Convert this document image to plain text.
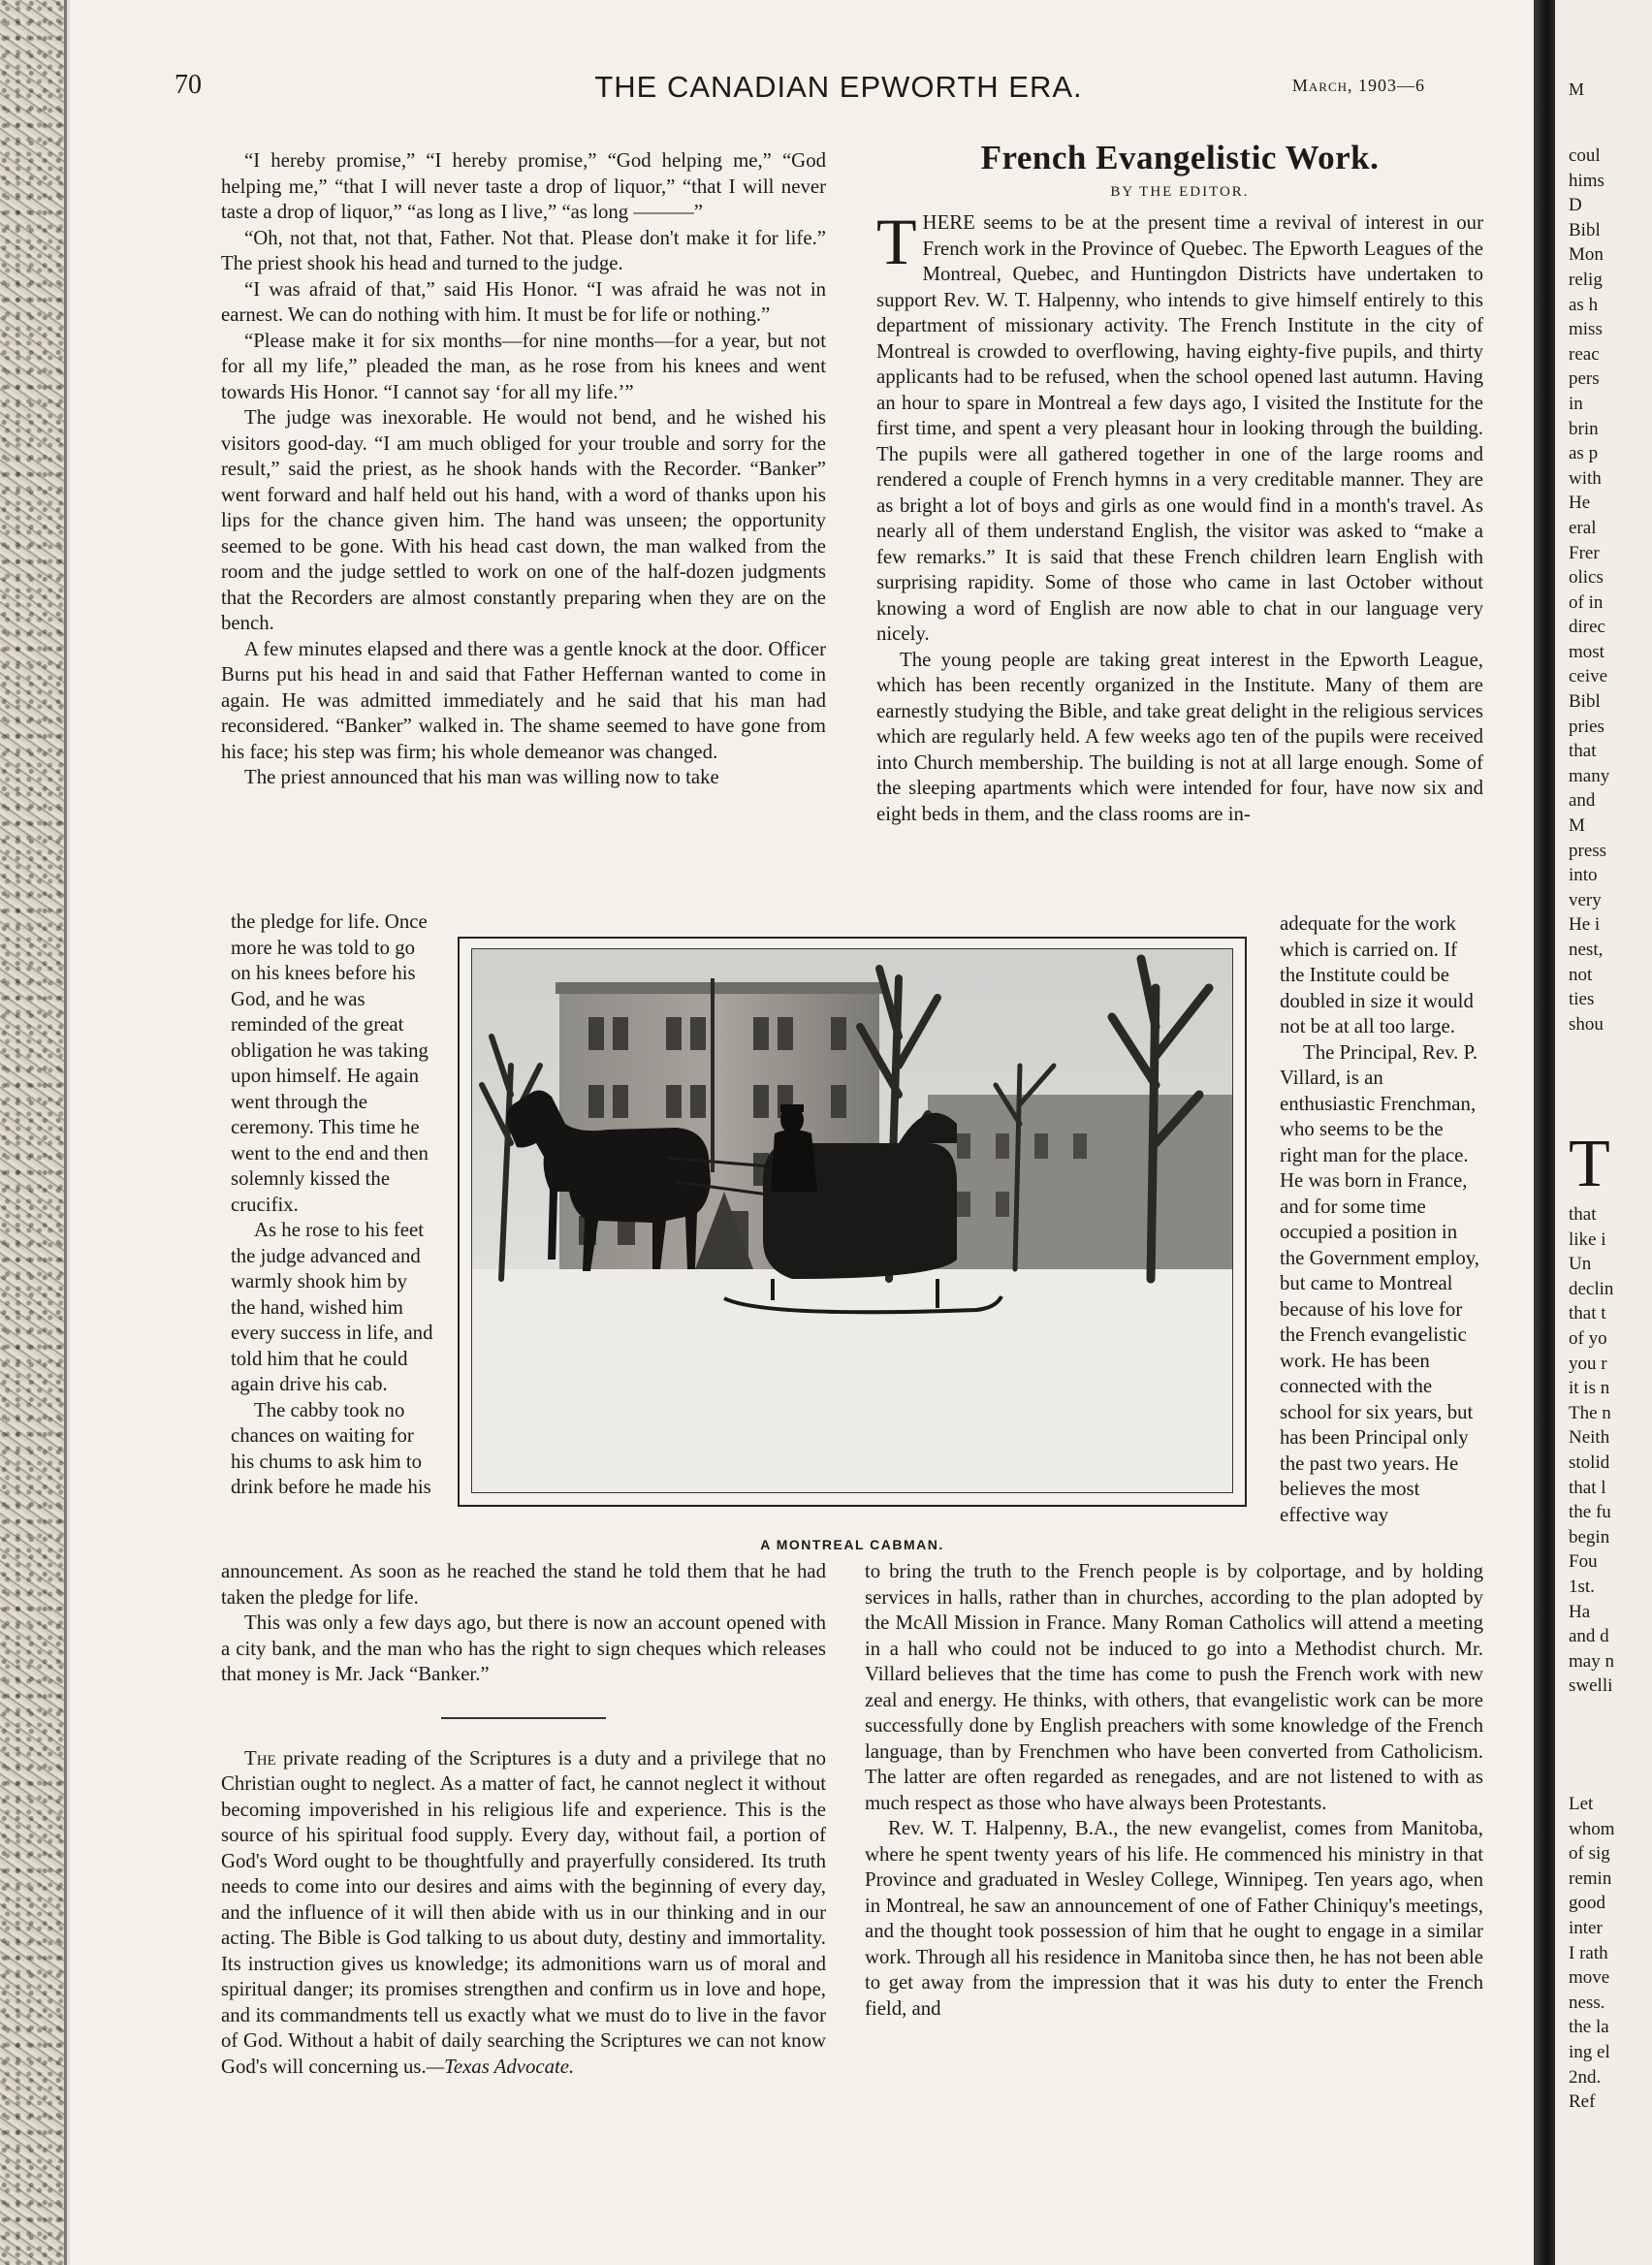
70	THE CANADIAN EPWORTH ERA.	March, 1903—6

“I hereby promise,” “I hereby promise,” “God helping me,” “God helping me,” “that I will never taste a drop of liquor,” “that I will never taste a drop of liquor,” “as long as I live,” “as long ———”

“Oh, not that, not that, Father. Not that. Please don't make it for life.” The priest shook his head and turned to the judge.

“I was afraid of that,” said His Honor. “I was afraid he was not in earnest. We can do nothing with him. It must be for life or nothing.”

“Please make it for six months—for nine months—for a year, but not for all my life,” pleaded the man, as he rose from his knees and went towards His Honor. “I cannot say ‘for all my life.’”

The judge was inexorable. He would not bend, and he wished his visitors good-day. “I am much obliged for your trouble and sorry for the result,” said the priest, as he shook hands with the Recorder. “Banker” went forward and half held out his hand, with a word of thanks upon his lips for the chance given him. The hand was unseen; the opportunity seemed to be gone. With his head cast down, the man walked from the room and the judge settled to work on one of the half-dozen judgments that the Recorders are almost constantly preparing when they are on the bench.

A few minutes elapsed and there was a gentle knock at the door. Officer Burns put his head in and said that Father Heffernan wanted to come in again. He was admitted immediately and he said that his man had reconsidered. “Banker” walked in. The shame seemed to have gone from his face; his step was firm; his whole demeanor was changed.

The priest announced that his man was willing now to take

the pledge for life. Once more he was told to go on his knees before his God, and he was reminded of the great obligation he was taking upon himself. He again went through the ceremony. This time he went to the end and then solemnly kissed the crucifix.

As he rose to his feet the judge advanced and warmly shook him by the hand, wished him every success in life, and told him that he could again drive his cab.

The cabby took no chances on waiting for his chums to ask him to drink before he made his

announcement. As soon as he reached the stand he told them that he had taken the pledge for life.

This was only a few days ago, but there is now an account opened with a city bank, and the man who has the right to sign cheques which releases that money is Mr. Jack “Banker.”

The private reading of the Scriptures is a duty and a privilege that no Christian ought to neglect. As a matter of fact, he cannot neglect it without becoming impoverished in his religious life and experience. This is the source of his spiritual food supply. Every day, without fail, a portion of God's Word ought to be thoughtfully and prayerfully considered. Its truth needs to come into our desires and aims with the beginning of every day, and the influence of it will then abide with us in our thinking and in our acting. The Bible is God talking to us about duty, destiny and immortality. Its instruction gives us knowledge; its admonitions warn us of moral and spiritual danger; its promises strengthen and confirm us in love and hope, and its commandments tell us exactly what we must do to live in the favor of God. Without a habit of daily searching the Scriptures we can not know God's will concerning us.—Texas Advocate.

French Evangelistic Work.
BY THE EDITOR.

THERE seems to be at the present time a revival of interest in our French work in the Province of Quebec. The Epworth Leagues of the Montreal, Quebec, and Huntingdon Districts have undertaken to support Rev. W. T. Halpenny, who intends to give himself entirely to this department of missionary activity. The French Institute in the city of Montreal is crowded to overflowing, having eighty-five pupils, and thirty applicants had to be refused, when the school opened last autumn. Having an hour to spare in Montreal a few days ago, I visited the Institute for the first time, and spent a very pleasant hour in looking through the building. The pupils were all gathered together in one of the large rooms and rendered a couple of French hymns in a very creditable manner. They are as bright a lot of boys and girls as one would find in a month's travel. As nearly all of them understand English, the visitor was asked to “make a few remarks.” It is said that these French children learn English with surprising rapidity. Some of those who came in last October without knowing a word of English are now able to chat in our language very nicely.

The young people are taking great interest in the Epworth League, which has been recently organized in the Institute. Many of them are earnestly studying the Bible, and take great delight in the religious services which are regularly held. A few weeks ago ten of the pupils were received into Church membership. The building is not at all large enough. Some of the sleeping apartments which were intended for four, have now six and eight beds in them, and the class rooms are in-

adequate for the work which is carried on. If the Institute could be doubled in size it would not be at all too large.

The Principal, Rev. P. Villard, is an enthusiastic Frenchman, who seems to be the right man for the place. He was born in France, and for some time occupied a position in the Government employ, but came to Montreal because of his love for the French evangelistic work. He has been connected with the school for six years, but has been Principal only the past two years. He believes the most effective way

to bring the truth to the French people is by colportage, and by holding services in halls, rather than in churches, according to the plan adopted by the McAll Mission in France. Many Roman Catholics will attend a meeting in a hall who could not be induced to go into a Methodist church. Mr. Villard believes that the time has come to push the French work with new zeal and energy. He thinks, with others, that evangelistic work can be more successfully done by English preachers with some knowledge of the French language, than by Frenchmen who have been converted from Catholicism. The latter are often regarded as renegades, and are not listened to with as much respect as those who have always been Protestants.

Rev. W. T. Halpenny, B.A., the new evangelist, comes from Manitoba, where he spent twenty years of his life. He commenced his ministry in that Province and graduated in Wesley College, Winnipeg. Ten years ago, when in Montreal, he saw an announcement of one of Father Chiniquy's meetings, and the thought took possession of him that he ought to engage in a similar work. Through all his residence in Manitoba since then, he has not been able to get away from the impression that it was his duty to enter the French field, and

A MONTREAL CABMAN.
M
coul
hims
D
Bibl
Mon
relig
as h
miss
reac
pers
in
brin
as p
with
He
eral
Frer
olics
of in
direc
most
ceive
Bibl
pries
that
many
and
M
press
into
very
He i
nest,
not
ties
shou
T
that
like i
Un
declin
that t
of yo
you r
it is n
The n
Neith
stolid
that l
the fu
begin
Fou
1st.
Ha
and d
may n
swelli
Let
whom
of sig
remin
good
inter
I rath
move
ness.
the la
ing el
2nd.
Ref
